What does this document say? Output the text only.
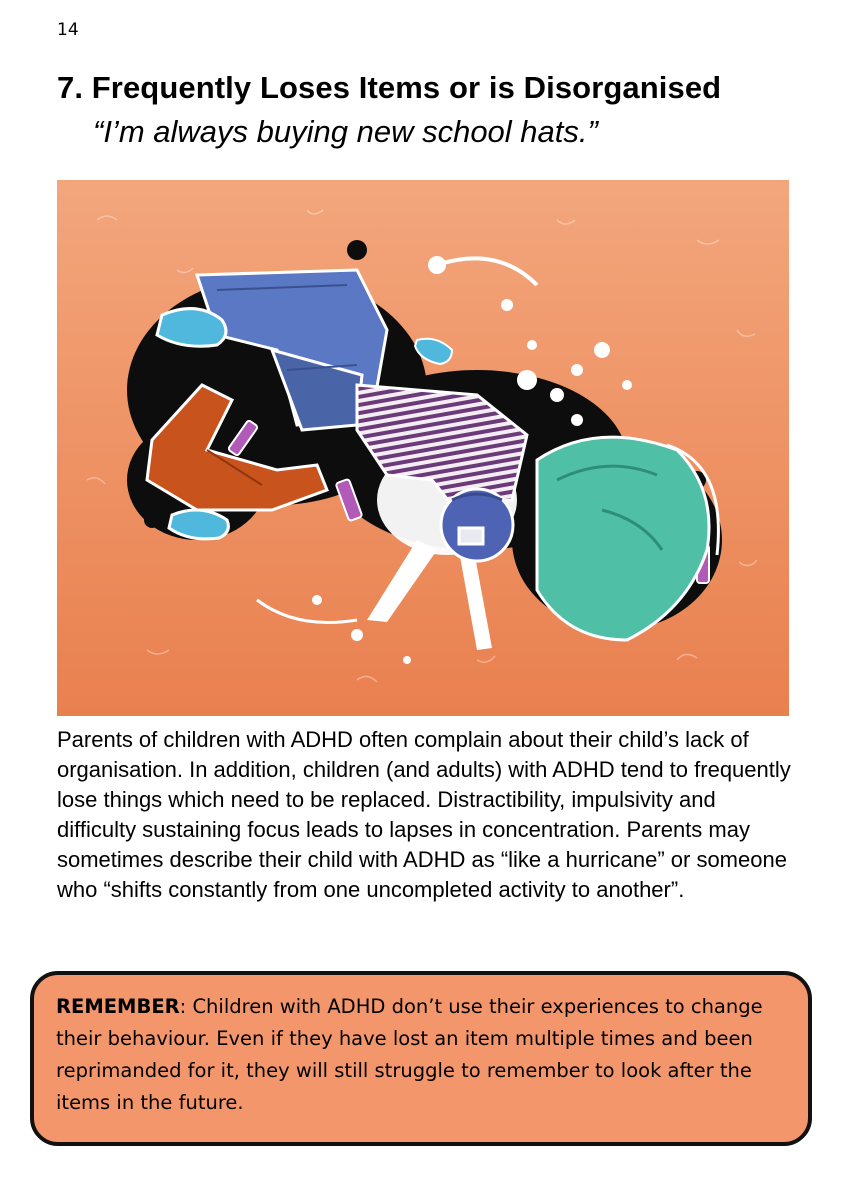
14
7. Frequently Loses Items or is Disorganised
“I’m always buying new school hats.”
Parents of children with ADHD often complain about their child’s lack of organisation. In addition, children (and adults) with ADHD tend to frequently lose things which need to be replaced. Distractibility, impulsivity and difficulty sustaining focus leads to lapses in concentration. Parents may sometimes describe their child with ADHD as “like a hurricane” or someone who “shifts constantly from one uncompleted activity to another”.
REMEMBER: Children with ADHD don’t use their experiences to change their behaviour. Even if they have lost an item multiple times and been reprimanded for it, they will still struggle to remember to look after the items in the future.
